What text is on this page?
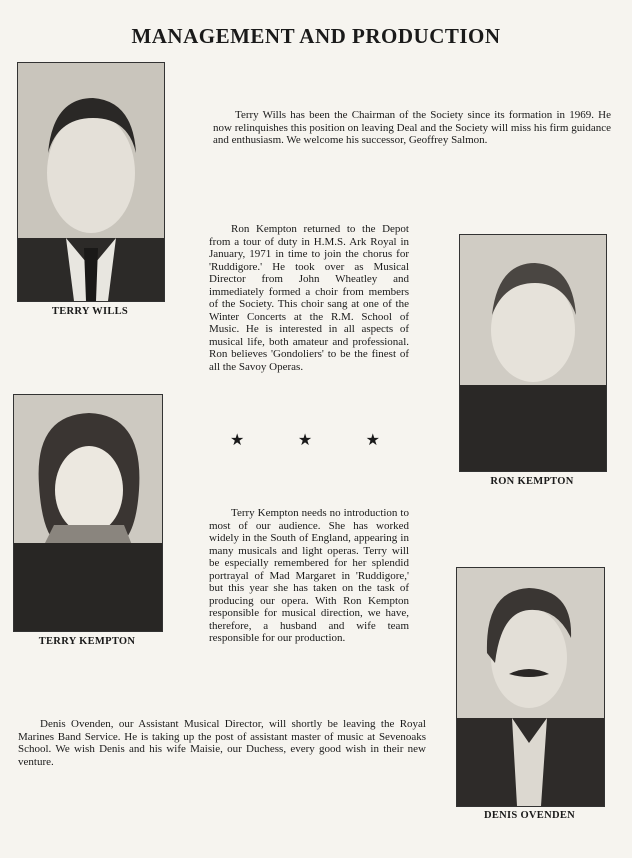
MANAGEMENT AND PRODUCTION
TERRY WILLS

Terry Wills has been the Chairman of the Society since its formation in 1969. He now relinquishes this position on leaving Deal and the Society will miss his firm guidance and enthusiasm. We welcome his successor, Geoffrey Salmon.

Ron Kempton returned to the Depot from a tour of duty in H.M.S. Ark Royal in January, 1971 in time to join the chorus for 'Ruddigore.' He took over as Musical Director from John Wheatley and immediately formed a choir from members of the Society. This choir sang at one of the Winter Concerts at the R.M. School of Music. He is interested in all aspects of musical life, both amateur and professional. Ron believes 'Gondoliers' to be the finest of all the Savoy Operas.

RON KEMPTON
★	★	★
TERRY KEMPTON

Terry Kempton needs no introduction to most of our audience. She has worked widely in the South of England, appearing in many musicals and light operas. Terry will be especially remembered for her splendid portrayal of Mad Margaret in 'Ruddigore,' but this year she has taken on the task of producing our opera. With Ron Kempton responsible for musical direction, we have, therefore, a husband and wife team responsible for our production.

DENIS OVENDEN

Denis Ovenden, our Assistant Musical Director, will shortly be leaving the Royal Marines Band Service. He is taking up the post of assistant master of music at Sevenoaks School. We wish Denis and his wife Maisie, our Duchess, every good wish in their new venture.
